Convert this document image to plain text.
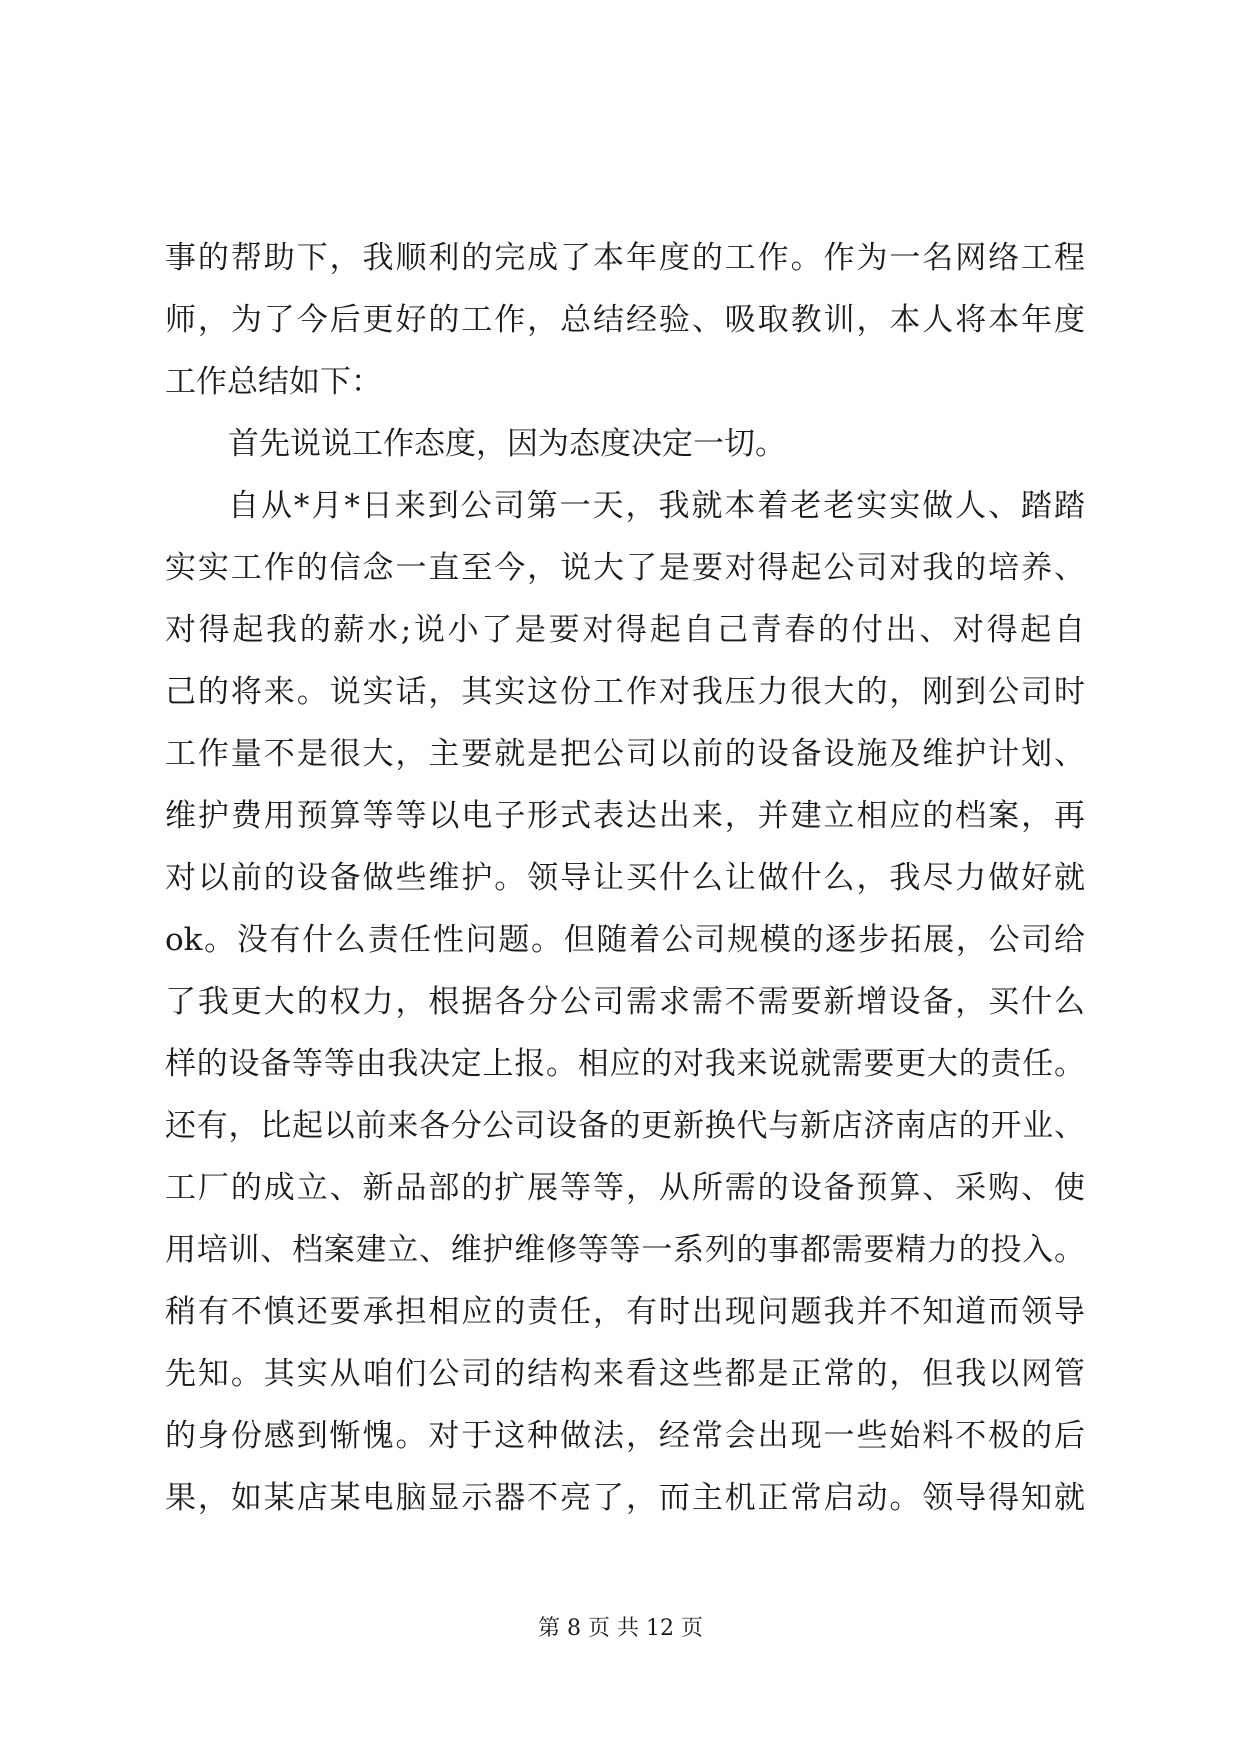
事的帮助下，我顺利的完成了本年度的工作。作为一名网络工程
师，为了今后更好的工作，总结经验、吸取教训，本人将本年度
工作总结如下：
首先说说工作态度，因为态度决定一切。
自从*月*日来到公司第一天，我就本着老老实实做人、踏踏
实实工作的信念一直至今，说大了是要对得起公司对我的培养、
对得起我的薪水;说小了是要对得起自己青春的付出、对得起自
己的将来。说实话，其实这份工作对我压力很大的，刚到公司时
工作量不是很大，主要就是把公司以前的设备设施及维护计划、
维护费用预算等等以电子形式表达出来，并建立相应的档案，再
对以前的设备做些维护。领导让买什么让做什么，我尽力做好就
ok。没有什么责任性问题。但随着公司规模的逐步拓展，公司给
了我更大的权力，根据各分公司需求需不需要新增设备，买什么
样的设备等等由我决定上报。相应的对我来说就需要更大的责任。
还有，比起以前来各分公司设备的更新换代与新店济南店的开业、
工厂的成立、新品部的扩展等等，从所需的设备预算、采购、使
用培训、档案建立、维护维修等等一系列的事都需要精力的投入。
稍有不慎还要承担相应的责任，有时出现问题我并不知道而领导
先知。其实从咱们公司的结构来看这些都是正常的，但我以网管
的身份感到惭愧。对于这种做法，经常会出现一些始料不极的后
果，如某店某电脑显示器不亮了，而主机正常启动。领导得知就
第 8 页 共 12 页
